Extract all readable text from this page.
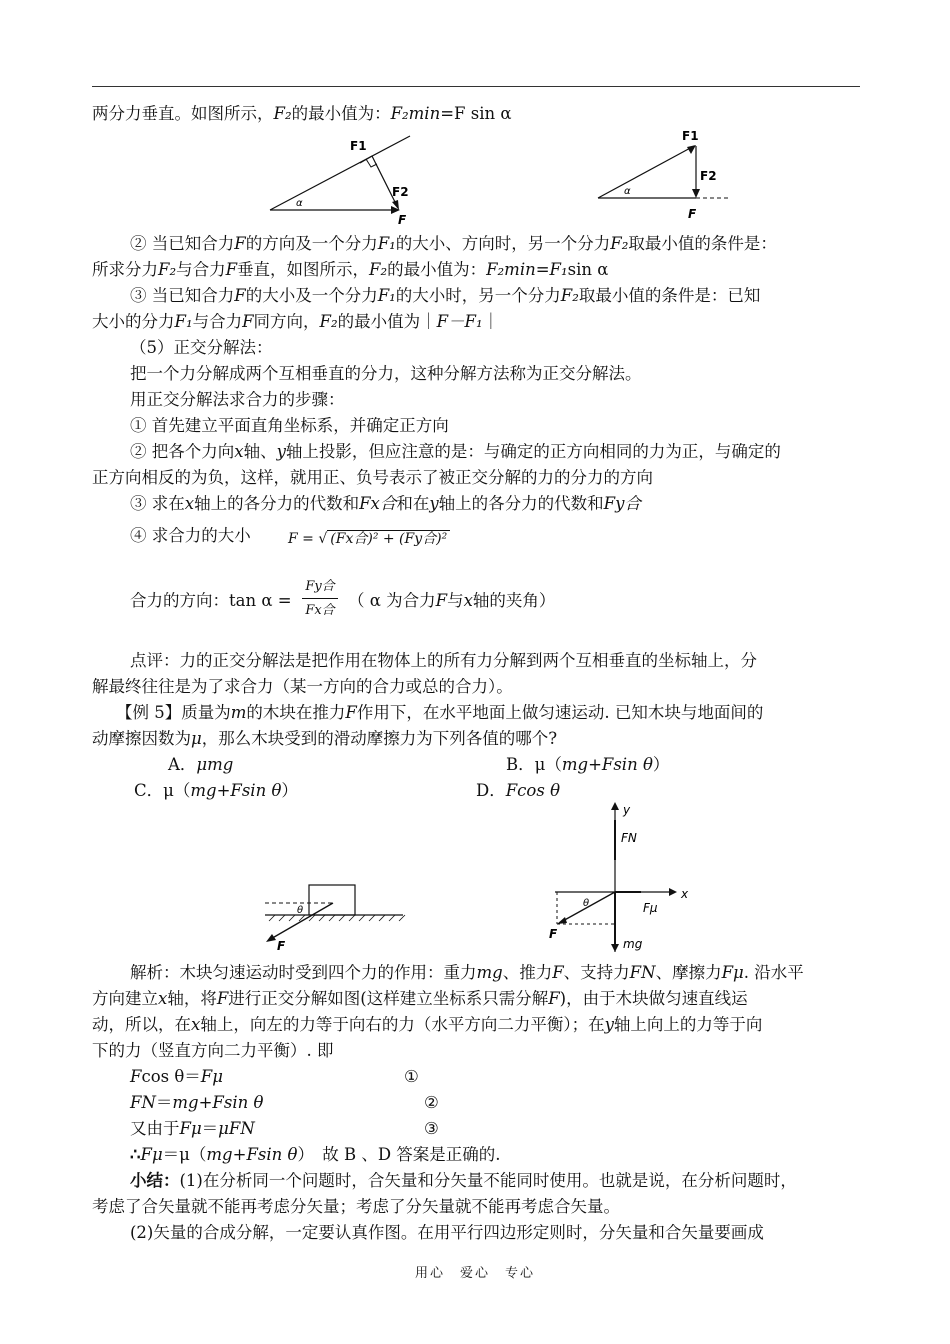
两分力垂直。如图所示，F₂的最小值为：F₂min=F sin α
F1
F2
F
α
F1
F2
F
α
② 当已知合力F的方向及一个分力F₁的大小、方向时，另一个分力F₂取最小值的条件是：
所求分力F₂与合力F垂直，如图所示，F₂的最小值为：F₂min=F₁sin α
③ 当已知合力F的大小及一个分力F₁的大小时，另一个分力F₂取最小值的条件是：已知
大小的分力F₁与合力F同方向，F₂的最小值为｜F－F₁｜
（5）正交分解法：
把一个力分解成两个互相垂直的分力，这种分解方法称为正交分解法。
用正交分解法求合力的步骤：
① 首先建立平面直角坐标系，并确定正方向
② 把各个力向x轴、y轴上投影，但应注意的是：与确定的正方向相同的力为正，与确定的
正方向相反的为负，这样，就用正、负号表示了被正交分解的力的分力的方向
③ 求在x轴上的各分力的代数和Fx合和在y轴上的各分力的代数和Fy合
④ 求合力的大小	F = √ (Fx合)² + (Fy合)²
合力的方向：tan α =
Fy合
Fx合
（ α 为合力F与x轴的夹角）
点评：力的正交分解法是把作用在物体上的所有力分解到两个互相垂直的坐标轴上，分
解最终往往是为了求合力（某一方向的合力或总的合力）。
【例 5】质量为m的木块在推力F作用下，在水平地面上做匀速运动. 已知木块与地面间的
动摩擦因数为μ，那么木块受到的滑动摩擦力为下列各值的哪个?
A．μmg	B．μ（mg+Fsin θ）
C．μ（mg+Fsin θ）	D．Fcos θ
θ
F
y
x
FN
Fμ
mg
F
θ
解析：木块匀速运动时受到四个力的作用：重力mg、推力F、支持力FN、摩擦力Fμ. 沿水平
方向建立x轴，将F进行正交分解如图(这样建立坐标系只需分解F)，由于木块做匀速直线运
动，所以，在x轴上，向左的力等于向右的力（水平方向二力平衡）；在y轴上向上的力等于向
下的力（竖直方向二力平衡）. 即
Fcos θ＝Fμ	①
FN＝mg+Fsin θ	②
又由于Fμ＝μFN	③
∴Fμ＝μ（mg+Fsin θ）　故 B 、D 答案是正确的.
小结：(1)在分析同一个问题时，合矢量和分矢量不能同时使用。也就是说，在分析问题时，
考虑了合矢量就不能再考虑分矢量；考虑了分矢量就不能再考虑合矢量。
(2)矢量的合成分解，一定要认真作图。在用平行四边形定则时，分矢量和合矢量要画成
用心　爱心　专心
